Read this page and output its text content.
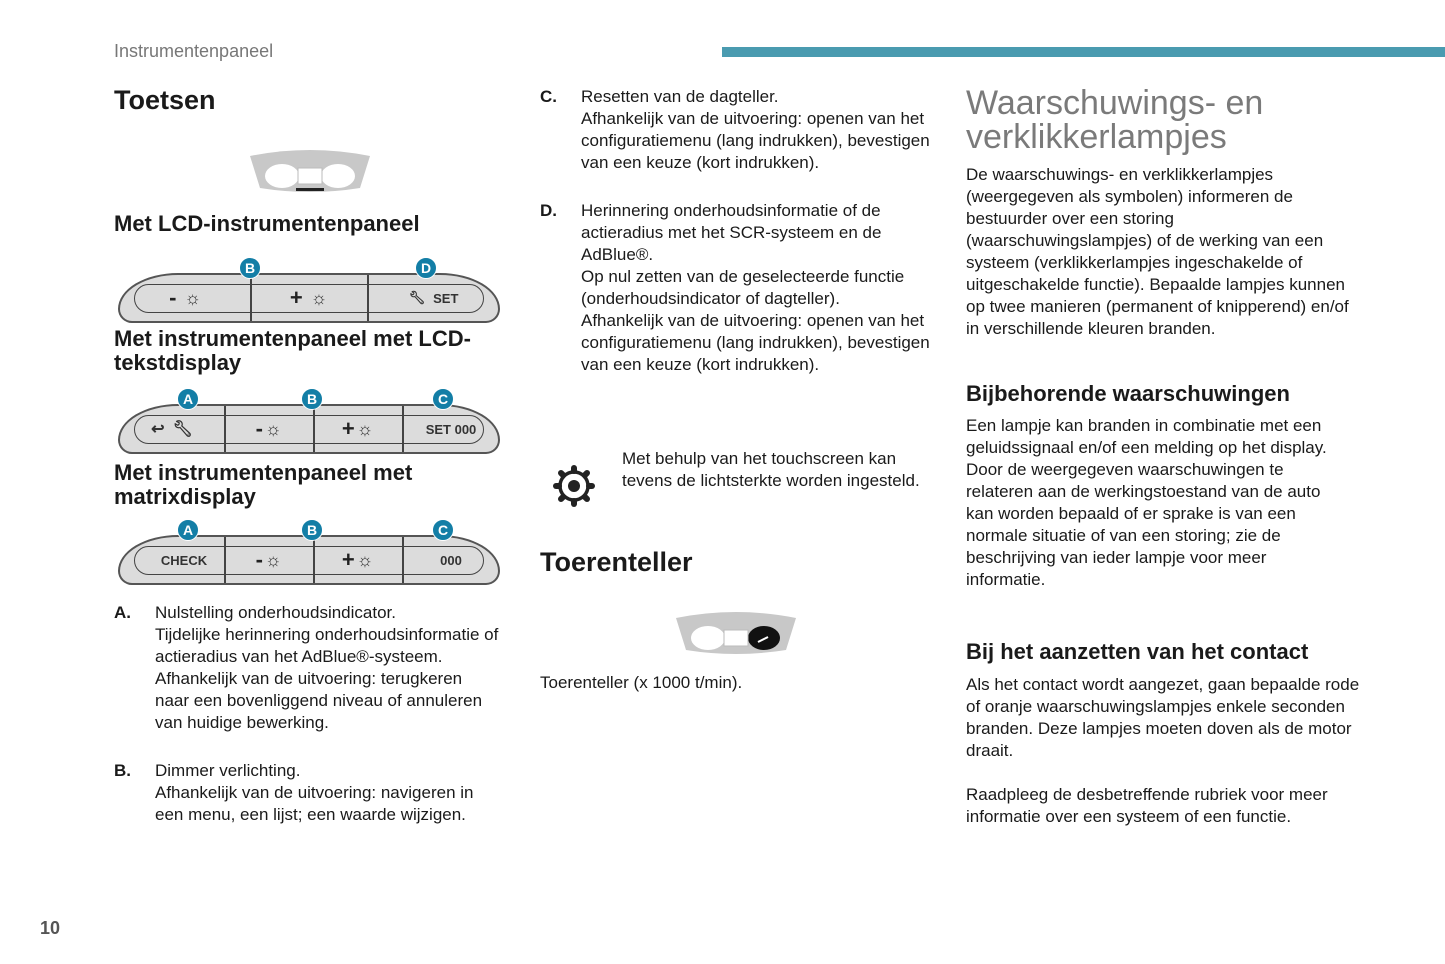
Instrumentenpaneel
Toetsen
Met LCD-instrumentenpaneel
- ☼	+ ☼	🔧︎ SET
B	D
Met instrumentenpaneel met LCD-tekstdisplay
↩ 🔧︎	- ☼	+ ☼	SET 000
A	B	C
Met instrumentenpaneel met matrixdisplay
CHECK	- ☼	+ ☼	000
A	B	C
A. Nulstelling onderhoudsindicator.
Tijdelijke herinnering onderhoudsinformatie of actieradius van het AdBlue®-systeem.
Afhankelijk van de uitvoering: terugkeren naar een bovenliggend niveau of annuleren van huidige bewerking.
B. Dimmer verlichting.
Afhankelijk van de uitvoering: navigeren in een menu, een lijst; een waarde wijzigen.
C. Resetten van de dagteller.
Afhankelijk van de uitvoering: openen van het configuratiemenu (lang indrukken), bevestigen van een keuze (kort indrukken).
D. Herinnering onderhoudsinformatie of de actieradius met het SCR-systeem en de AdBlue®.
Op nul zetten van de geselecteerde functie (onderhoudsindicator of dagteller).
Afhankelijk van de uitvoering: openen van het configuratiemenu (lang indrukken), bevestigen van een keuze (kort indrukken).
Met behulp van het touchscreen kan tevens de lichtsterkte worden ingesteld.
Toerenteller
Toerenteller (x 1000 t/min).
Waarschuwings- en verklikkerlampjes
De waarschuwings- en verklikkerlampjes (weergegeven als symbolen) informeren de bestuurder over een storing (waarschuwingslampjes) of de werking van een systeem (verklikkerlampjes ingeschakelde of uitgeschakelde functie). Bepaalde lampjes kunnen op twee manieren (permanent of knipperend) en/of in verschillende kleuren branden.
Bijbehorende waarschuwingen
Een lampje kan branden in combinatie met een geluidssignaal en/of een melding op het display.
Door de weergegeven waarschuwingen te relateren aan de werkingstoestand van de auto kan worden bepaald of er sprake is van een normale situatie of van een storing; zie de beschrijving van ieder lampje voor meer informatie.
Bij het aanzetten van het contact
Als het contact wordt aangezet, gaan bepaalde rode of oranje waarschuwingslampjes enkele seconden branden. Deze lampjes moeten doven als de motor draait.
Raadpleeg de desbetreffende rubriek voor meer informatie over een systeem of een functie.
10
